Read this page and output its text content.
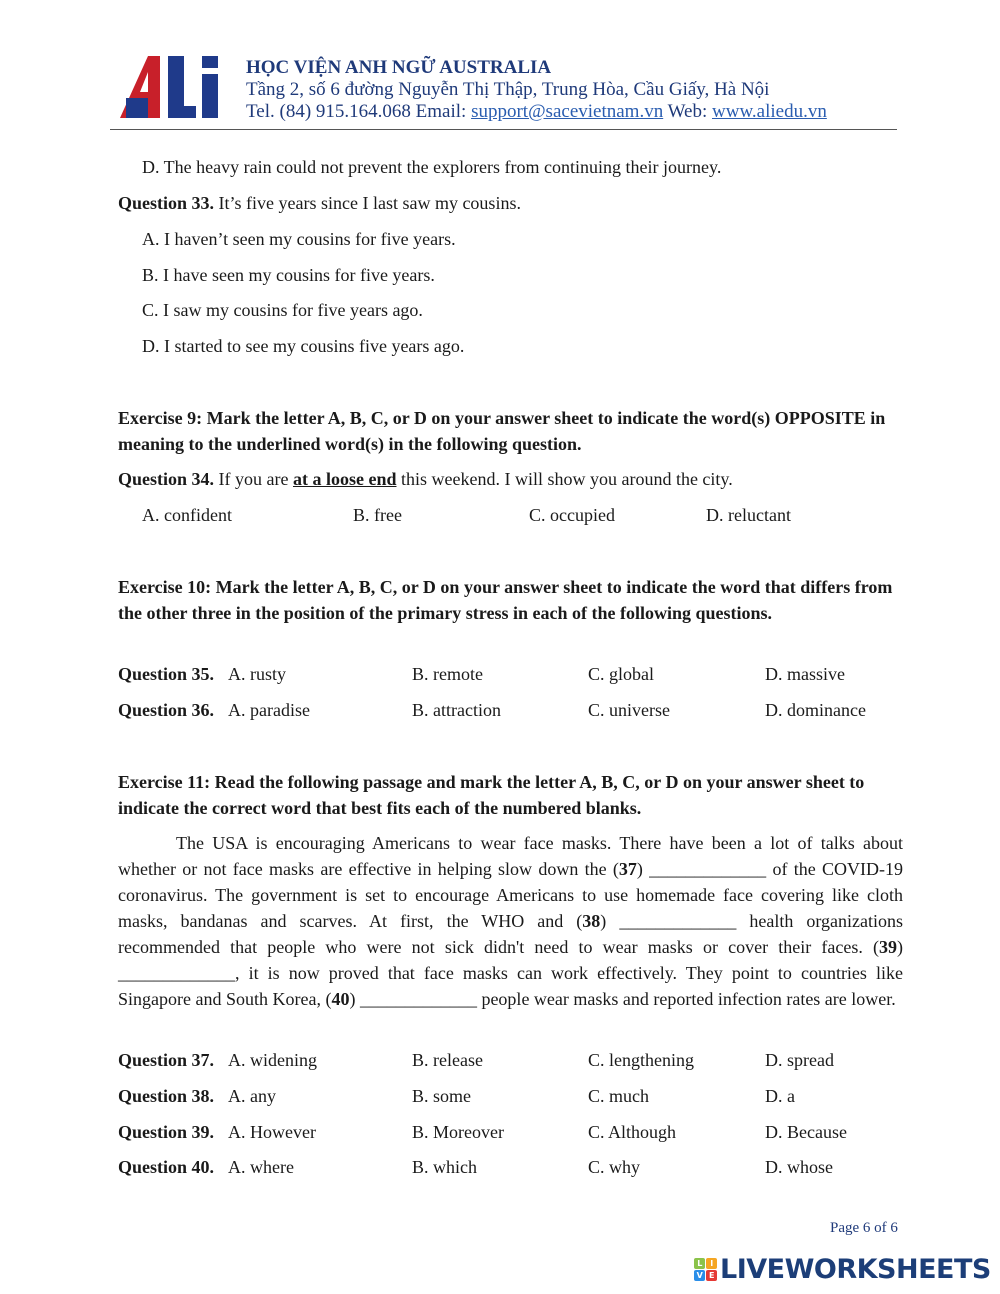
HỌC VIỆN ANH NGỮ AUSTRALIA
Tầng 2, số 6 đường Nguyễn Thị Thập, Trung Hòa, Cầu Giấy, Hà Nội
Tel. (84) 915.164.068 Email: support@sacevietnam.vn Web: www.aliedu.vn
D. The heavy rain could not prevent the explorers from continuing their journey.
Question 33. It’s five years since I last saw my cousins.
A. I haven’t seen my cousins for five years.
B. I have seen my cousins for five years.
C. I saw my cousins for five years ago.
D. I started to see my cousins five years ago.
Exercise 9: Mark the letter A, B, C, or D on your answer sheet to indicate the word(s) OPPOSITE in meaning to the underlined word(s) in the following question.
Question 34. If you are at a loose end this weekend. I will show you around the city.
A. confident	B. free	C. occupied	D. reluctant
Exercise 10: Mark the letter A, B, C, or D on your answer sheet to indicate the word that differs from the other three in the position of the primary stress in each of the following questions.
Question 35. A. rusty	B. remote	C. global	D. massive
Question 36. A. paradise	B. attraction	C. universe	D. dominance
Exercise 11: Read the following passage and mark the letter A, B, C, or D on your answer sheet to indicate the correct word that best fits each of the numbered blanks.
The USA is encouraging Americans to wear face masks. There have been a lot of talks about whether or not face masks are effective in helping slow down the (37) _____________ of the COVID-19 coronavirus. The government is set to encourage Americans to use homemade face covering like cloth masks, bandanas and scarves. At first, the WHO and (38) _____________ health organizations recommended that people who were not sick didn't need to wear masks or cover their faces. (39) _____________, it is now proved that face masks can work effectively. They point to countries like Singapore and South Korea, (40) _____________ people wear masks and reported infection rates are lower.
Question 37. A. widening	B. release	C. lengthening	D. spread
Question 38. A. any	B. some	C. much	D. a
Question 39. A. However	B. Moreover	C. Although	D. Because
Question 40. A. where	B. which	C. why	D. whose
Page 6 of 6
L	I
V E LIVEWORKSHEETS
